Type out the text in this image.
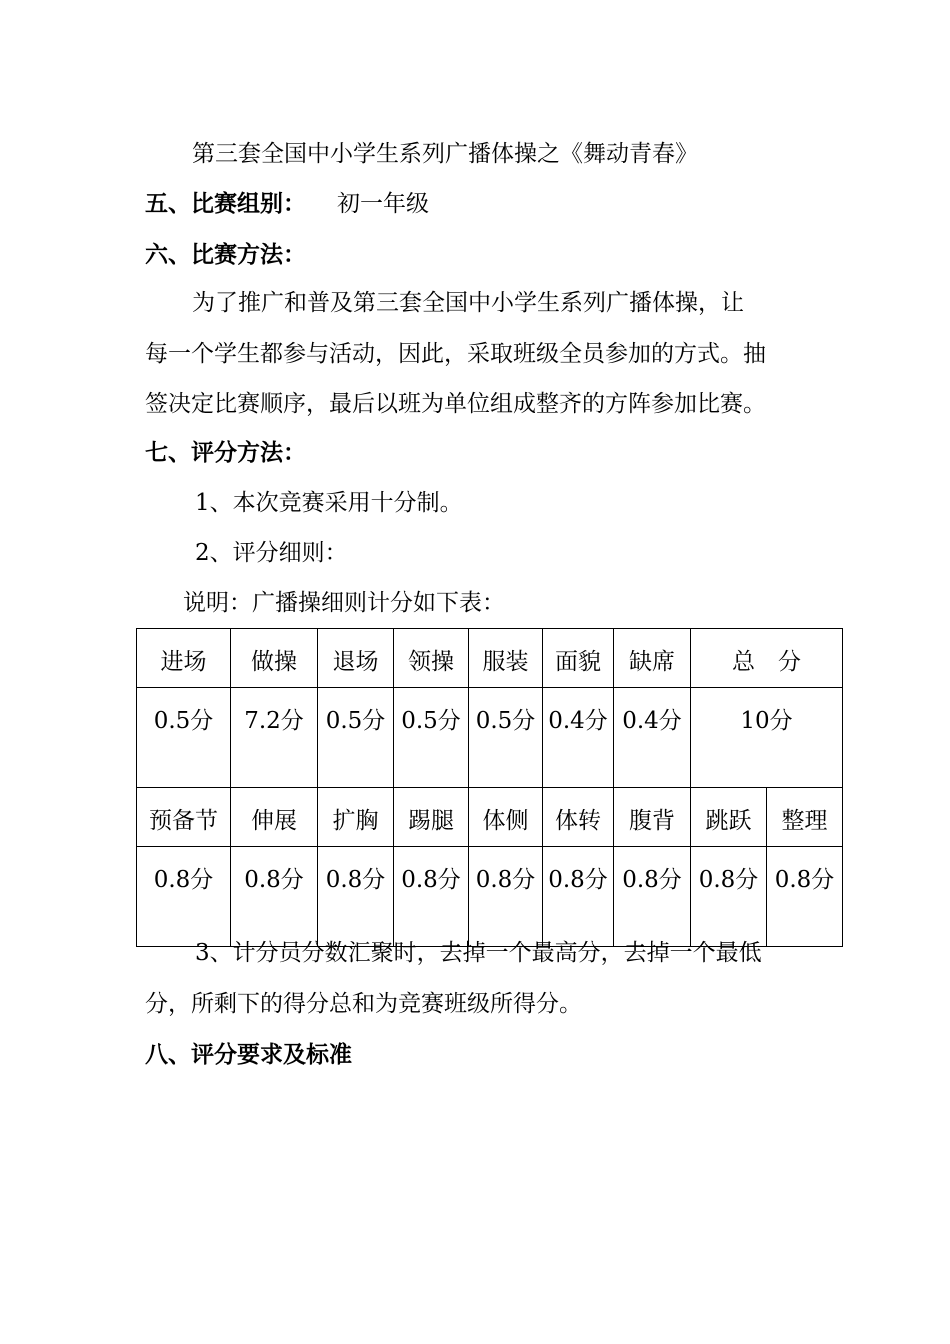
第三套全国中小学生系列广播体操之《舞动青春》
五、比赛组别： 初一年级
六、比赛方法：
为了推广和普及第三套全国中小学生系列广播体操，让
每一个学生都参与活动，因此，采取班级全员参加的方式。抽
签决定比赛顺序，最后以班为单位组成整齐的方阵参加比赛。
七、评分方法：
1、本次竞赛采用十分制。
2、评分细则：
说明：广播操细则计分如下表：
进场	做操	退场	领操	服装	面貌	缺席	总　分	
0.5分	7.2分	0.5分	0.5分	0.5分	0.4分	0.4分	10分	
预备节	伸展	扩胸	踢腿	体侧	体转	腹背	跳跃	整理
0.8分	0.8分	0.8分	0.8分	0.8分	0.8分	0.8分	0.8分	0.8分
3、计分员分数汇聚时，去掉一个最高分，去掉一个最低
分，所剩下的得分总和为竞赛班级所得分。
八、评分要求及标准
